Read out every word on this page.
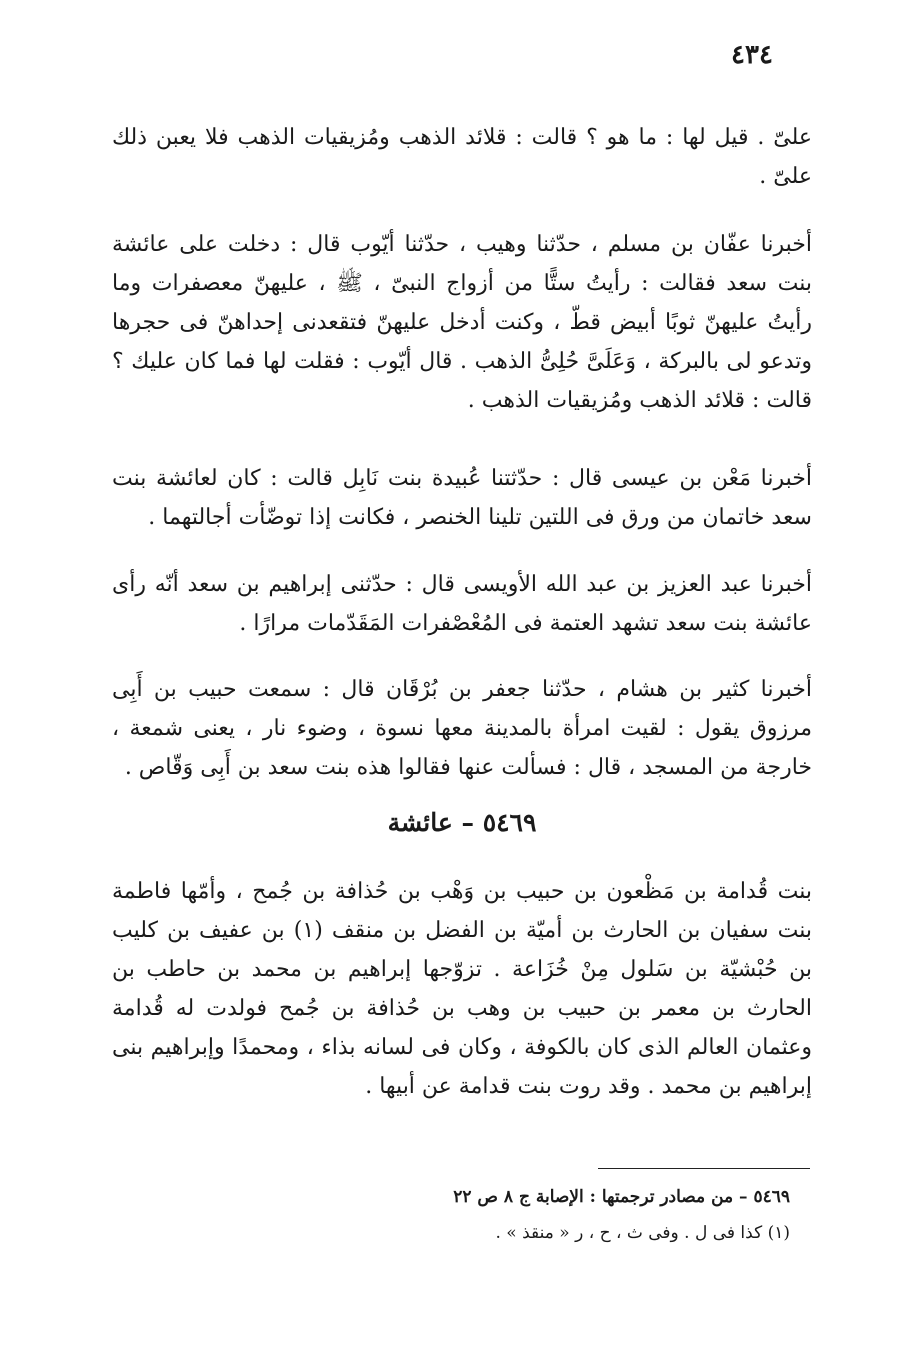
٤٣٤

علىّ . قيل لها : ما هو ؟ قالت : قلائد الذهب ومُزيقيات الذهب فلا يعبن ذلك علىّ .

أخبرنا عفّان بن مسلم ، حدّثنا وهيب ، حدّثنا أيّوب قال : دخلت على عائشة بنت سعد فقالت : رأيتُ ستًّا من أزواج النبىّ ، ﷺ ، عليهنّ معصفرات وما رأيتُ عليهنّ ثوبًا أبيض قطّ ، وكنت أدخل عليهنّ فتقعدنى إحداهنّ فى حجرها وتدعو لى بالبركة ، وَعَلَىَّ حُلِىُّ الذهب . قال أيّوب : فقلت لها فما كان عليك ؟ قالت : قلائد الذهب ومُزيقيات الذهب .

أخبرنا مَعْن بن عيسى قال : حدّثتنا عُبيدة بنت نَابِل قالت : كان لعائشة بنت سعد خاتمان من ورق فى اللتين تلينا الخنصر ، فكانت إذا توضّأت أجالتهما .

أخبرنا عبد العزيز بن عبد الله الأويسى قال : حدّثنى إبراهيم بن سعد أنّه رأى عائشة بنت سعد تشهد العتمة فى المُعْصْفرات المَقَدّمات مرارًا .

أخبرنا كثير بن هشام ، حدّثنا جعفر بن بُرْقَان قال : سمعت حبيب بن أَبِى مرزوق يقول : لقيت امرأة بالمدينة معها نسوة ، وضوء نار ، يعنى شمعة ، خارجة من المسجد ، قال : فسألت عنها فقالوا هذه بنت سعد بن أَبِى وَقّاص .

٥٤٦٩ – عائشة

بنت قُدامة بن مَظْعون بن حبيب بن وَهْب بن حُذافة بن جُمح ، وأمّها فاطمة بنت سفيان بن الحارث بن أميّة بن الفضل بن منقف (١) بن عفيف بن كليب بن حُبْشيّة بن سَلول مِنْ خُزَاعة . تزوّجها إبراهيم بن محمد بن حاطب بن الحارث بن معمر بن حبيب بن وهب بن حُذافة بن جُمح فولدت له قُدامة وعثمان العالم الذى كان بالكوفة ، وكان فى لسانه بذاء ، ومحمدًا وإبراهيم بنى إبراهيم بن محمد . وقد روت بنت قدامة عن أبيها .

٥٤٦٩ – من مصادر ترجمتها : الإصابة ج ٨ ص ٢٢
(١) كذا فى ل . وفى ث ، ح ، ر « منقذ » .
